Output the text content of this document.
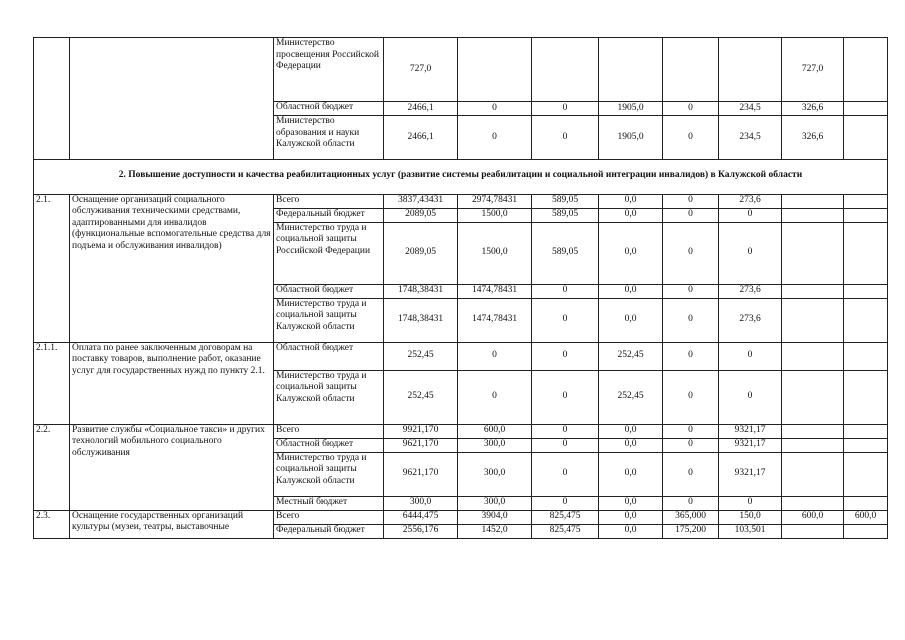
		Министерство просвещения Российской Федерации	727,0						727,0	
		Областной бюджет	2466,1	0	0	1905,0	0	234,5	326,6	
		Министерство образования и науки Калужской области	2466,1	0	0	1905,0	0	234,5	326,6	
2. Повышение доступности и качества реабилитационных услуг (развитие системы реабилитации и социальной интеграции инвалидов) в Калужской области										
2.1.	Оснащение организаций социального обслуживания техническими средствами, адаптированными для инвалидов (функциональные вспомогательные средства для подъема и обслуживания инвалидов)	Всего	3837,43431	2974,78431	589,05	0,0	0	273,6		
		Федеральный бюджет	2089,05	1500,0	589,05	0,0	0	0		
		Министерство труда и социальной защиты Российской Федерации	2089,05	1500,0	589,05	0,0	0	0		
		Областной бюджет	1748,38431	1474,78431	0	0,0	0	273,6		
		Министерство труда и социальной защиты Калужской области	1748,38431	1474,78431	0	0,0	0	273,6		
2.1.1.	Оплата по ранее заключенным договорам на поставку товаров, выполнение работ, оказание услуг для государственных нужд по пункту 2.1.	Областной бюджет	252,45	0	0	252,45	0	0		
		Министерство труда и социальной защиты Калужской области	252,45	0	0	252,45	0	0		
2.2.	Развитие службы «Социальное такси» и других технологий мобильного социального обслуживания	Всего	9921,170	600,0	0	0,0	0	9321,17		
		Областной бюджет	9621,170	300,0	0	0,0	0	9321,17		
		Министерство труда и социальной защиты Калужской области	9621,170	300,0	0	0,0	0	9321,17		
		Местный бюджет	300,0	300,0	0	0,0	0	0		
2.3.	Оснащение государственных организаций культуры (музеи, театры, выставочные	Всего	6444,475	3904,0	825,475	0,0	365,000	150,0	600,0	600,0
		Федеральный бюджет	2556,176	1452,0	825,475	0,0	175,200	103,501		
